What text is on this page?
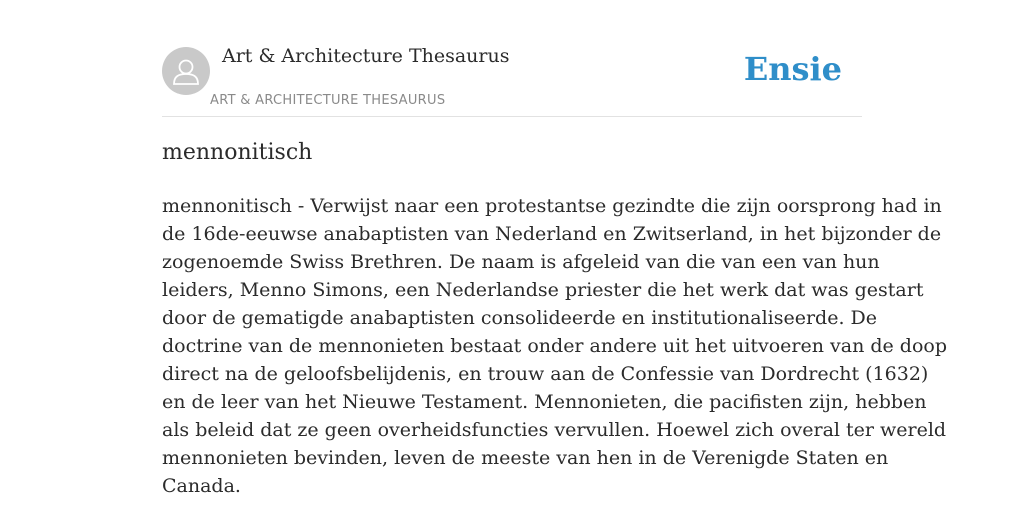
Art & Architecture Thesaurus
ART & ARCHITECTURE THESAURUS
Ensie
mennonitisch
mennonitisch - Verwijst naar een protestantse gezindte die zijn oorsprong had in
de 16de-eeuwse anabaptisten van Nederland en Zwitserland, in het bijzonder de
zogenoemde Swiss Brethren. De naam is afgeleid van die van een van hun
leiders, Menno Simons, een Nederlandse priester die het werk dat was gestart
door de gematigde anabaptisten consolideerde en institutionaliseerde. De
doctrine van de mennonieten bestaat onder andere uit het uitvoeren van de doop
direct na de geloofsbelijdenis, en trouw aan de Confessie van Dordrecht (1632)
en de leer van het Nieuwe Testament. Mennonieten, die pacifisten zijn, hebben
als beleid dat ze geen overheidsfuncties vervullen. Hoewel zich overal ter wereld
mennonieten bevinden, leven de meeste van hen in de Verenigde Staten en
Canada.
